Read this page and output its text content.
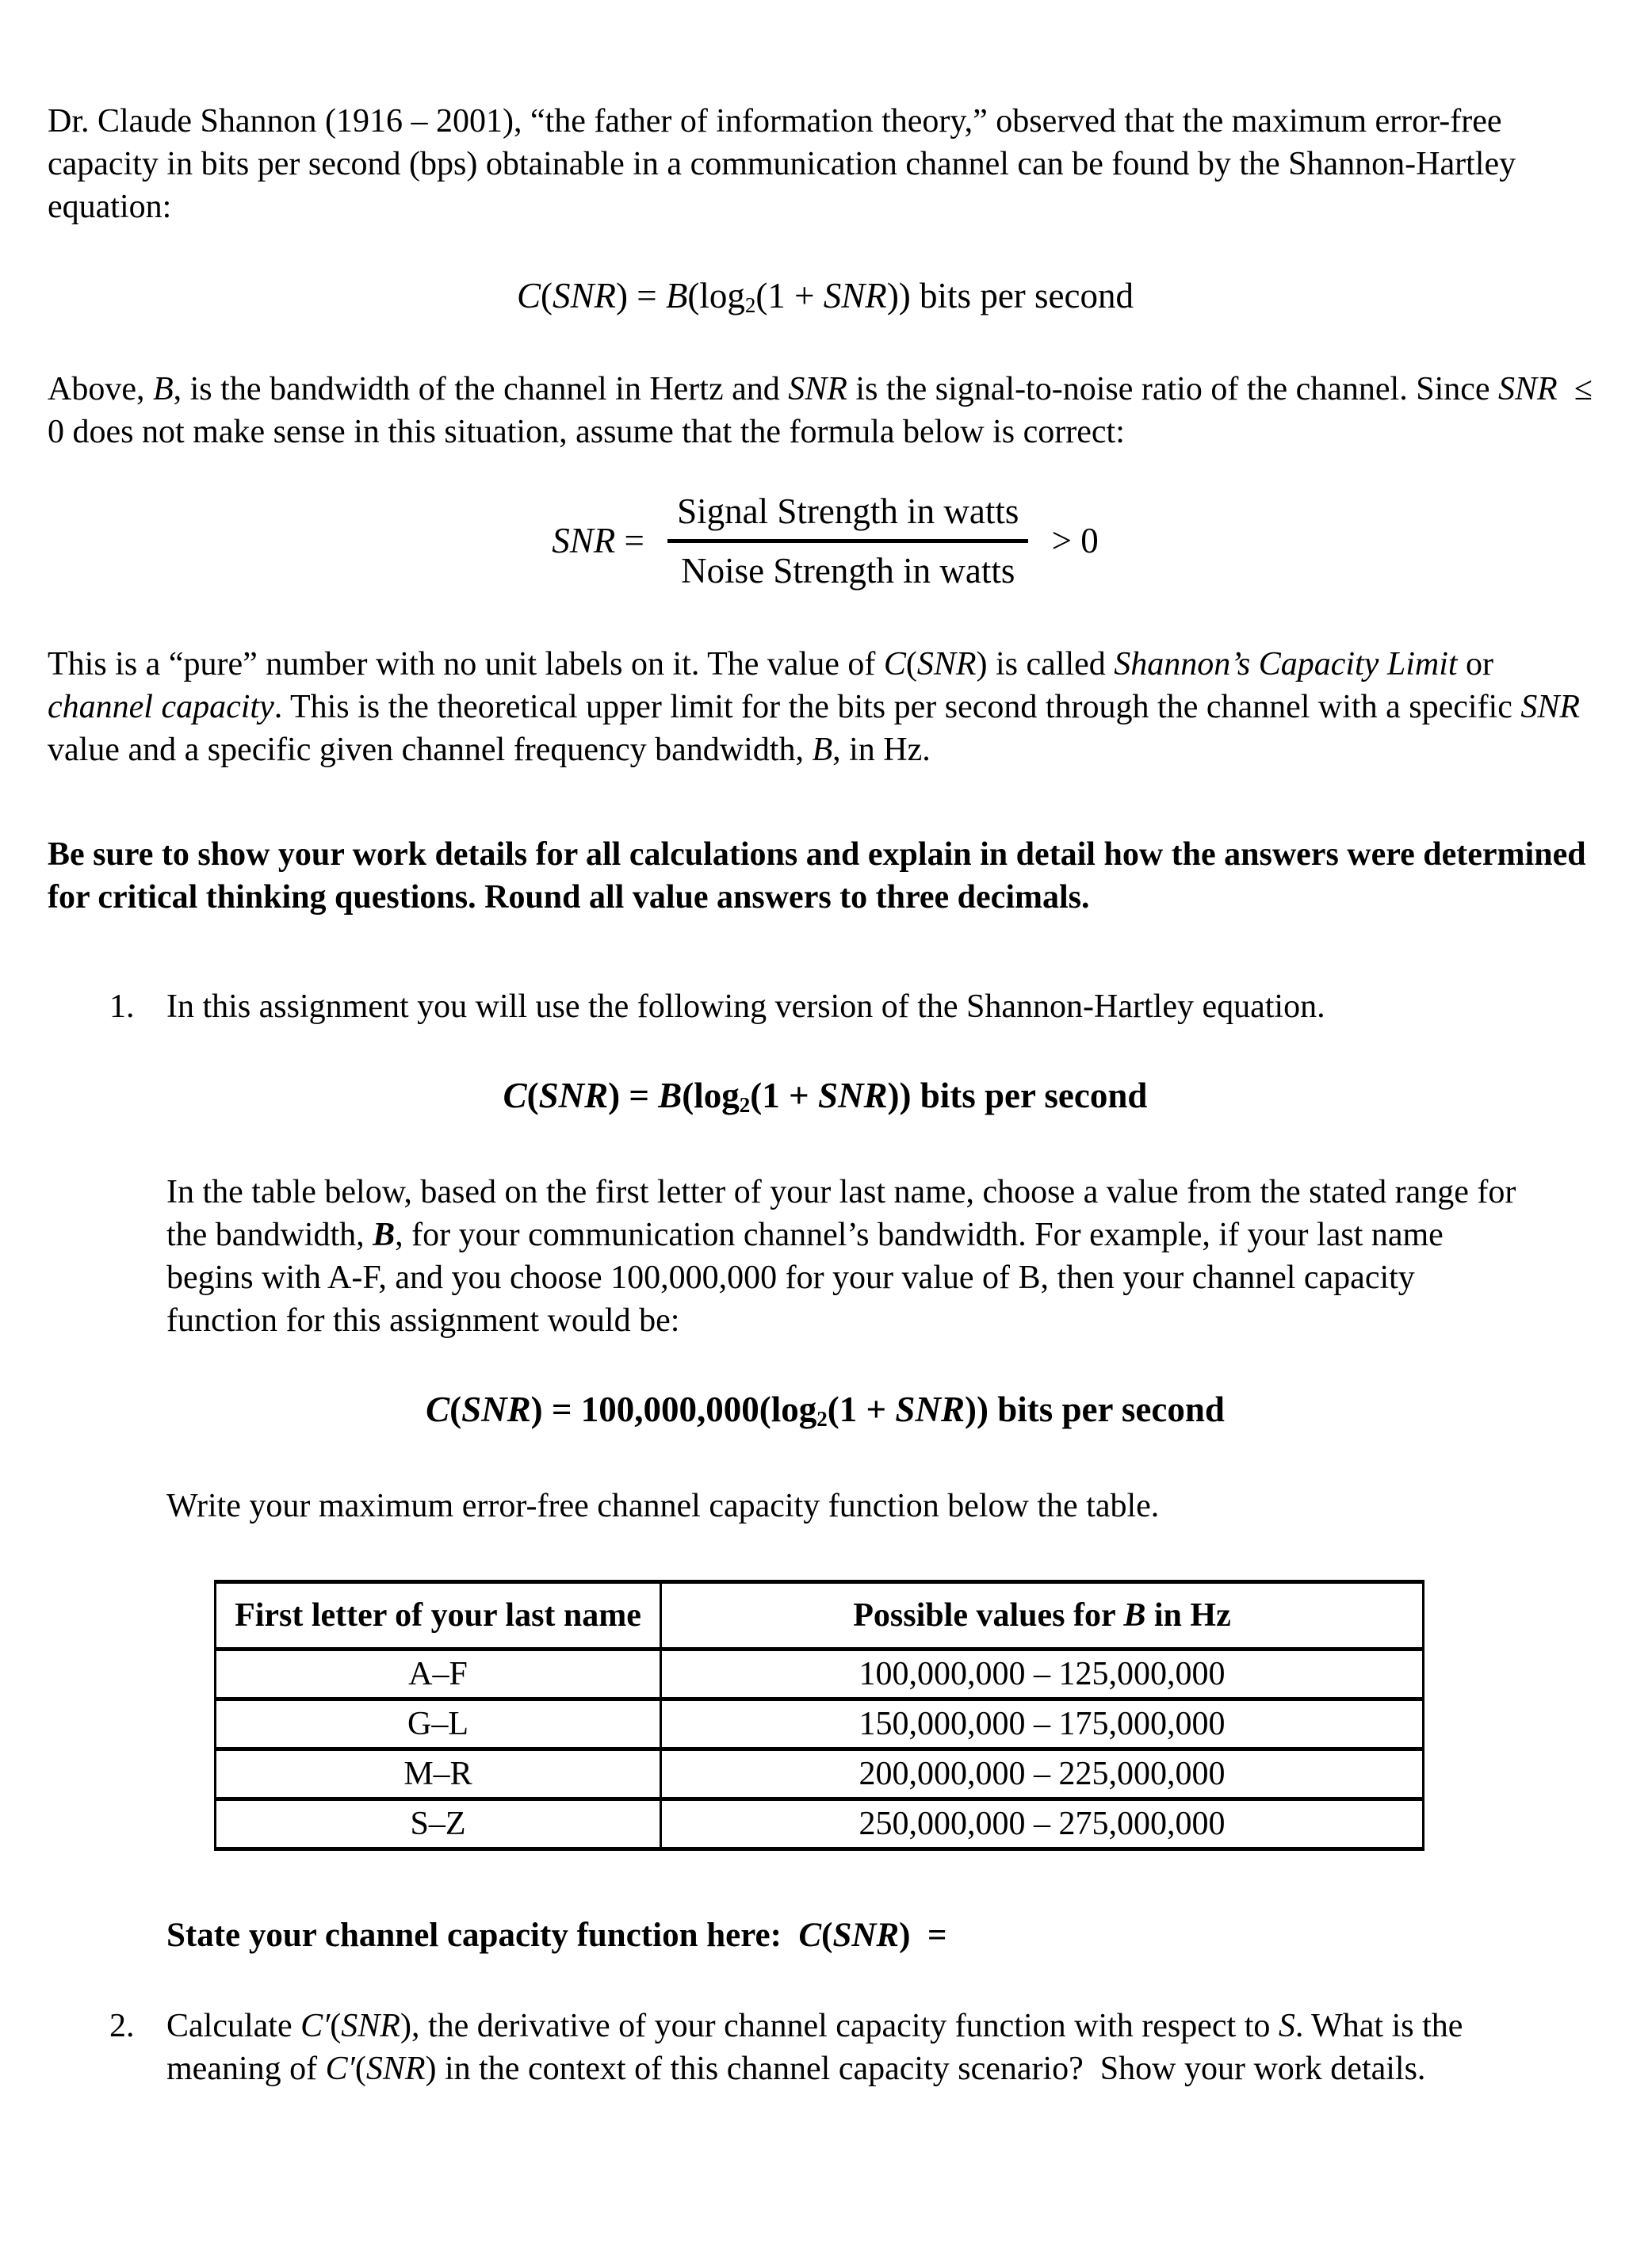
Dr. Claude Shannon (1916 – 2001), “the father of information theory,” observed that the maximum error-free capacity in bits per second (bps) obtainable in a communication channel can be found by the Shannon-Hartley equation:

$C(SNR) = B(\log_2(1 + SNR))$ bits per second

Above, B, is the bandwidth of the channel in Hertz and SNR is the signal-to-noise ratio of the channel. Since SNR  ≤  0 does not make sense in this situation, assume that the formula below is correct:

SNR = $\frac{\text{Signal Strength in watts}}{\text{Noise Strength in watts}} > 0$

This is a “pure” number with no unit labels on it. The value of C(SNR) is called Shannon’s Capacity Limit or channel capacity. This is the theoretical upper limit for the bits per second through the channel with a specific SNR value and a specific given channel frequency bandwidth, B, in Hz.

Be sure to show your work details for all calculations and explain in detail how the answers were determined for critical thinking questions. Round all value answers to three decimals.

1. In this assignment you will use the following version of the Shannon-Hartley equation.
$C(SNR) = B(\log_2(1 + SNR))$ bits per second

In the table below, based on the first letter of your last name, choose a value from the stated range for the bandwidth, B, for your communication channel’s bandwidth. For example, if your last name begins with A-F, and you choose 100,000,000 for your value of B, then your channel capacity function for this assignment would be:

$C(SNR) = 100,000,000(\log_2(1 + SNR))$ bits per second

Write your maximum error-free channel capacity function below the table.

First letter of your last name	Possible values for B in Hz
A–F	100,000,000 – 125,000,000
G–L	150,000,000 – 175,000,000
M–R	200,000,000 – 225,000,000
S–Z	250,000,000 – 275,000,000

State your channel capacity function here:  C(SNR)  =

2. Calculate C′(SNR), the derivative of your channel capacity function with respect to S. What is the meaning of C′(SNR) in the context of this channel capacity scenario?  Show your work details.
